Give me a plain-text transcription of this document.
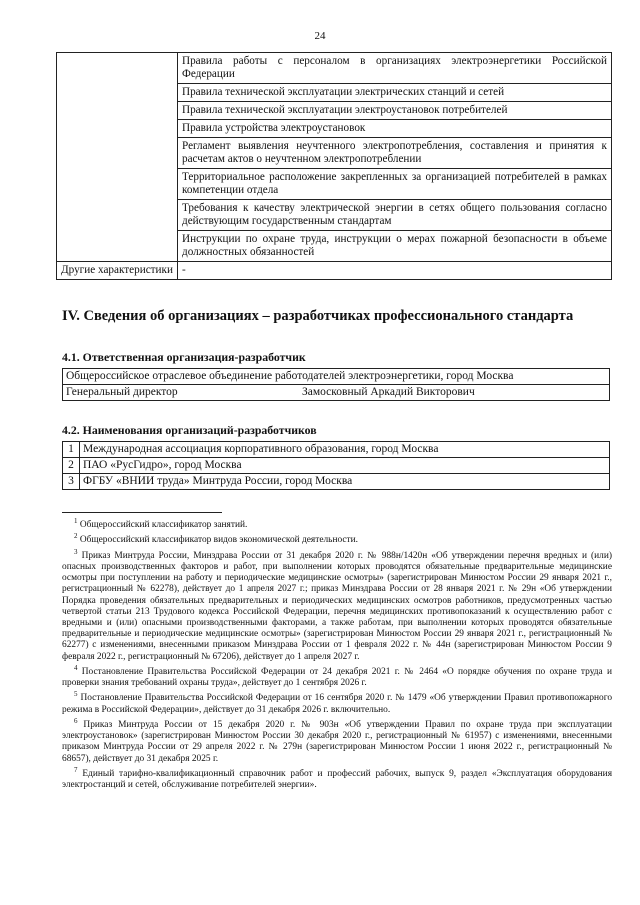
24
	Правила работы с персоналом в организациях электроэнергетики Российской Федерации
	Правила технической эксплуатации электрических станций и сетей
	Правила технической эксплуатации электроустановок потребителей
	Правила устройства электроустановок
	Регламент выявления неучтенного электропотребления, составления и принятия к расчетам актов о неучтенном электропотреблении
	Территориальное расположение закрепленных за организацией потребителей в рамках компетенции отдела
	Требования к качеству электрической энергии в сетях общего пользования согласно действующим государственным стандартам
	Инструкции по охране труда, инструкции о мерах пожарной безопасности в объеме должностных обязанностей
Другие характеристики	-
IV. Сведения об организациях – разработчиках профессионального стандарта
4.1. Ответственная организация-разработчик
Общероссийское отраслевое объединение работодателей электроэнергетики, город Москва
Генеральный директор	Замосковный Аркадий Викторович
4.2. Наименования организаций-разработчиков
1	Международная ассоциация корпоративного образования, город Москва
2	ПАО «РусГидро», город Москва
3	ФГБУ «ВНИИ труда» Минтруда России, город Москва

$^1$ Общероссийский классификатор занятий.

$^2$ Общероссийский классификатор видов экономической деятельности.

$^3$ Приказ Минтруда России, Минздрава России от 31 декабря 2020 г. № 988н/1420н «Об утверждении перечня вредных и (или) опасных производственных факторов и работ, при выполнении которых проводятся обязательные предварительные медицинские осмотры при поступлении на работу и периодические медицинские осмотры» (зарегистрирован Минюстом России 29 января 2021 г., регистрационный № 62278), действует до 1 апреля 2027 г.; приказ Минздрава России от 28 января 2021 г. № 29н «Об утверждении Порядка проведения обязательных предварительных и периодических медицинских осмотров работников, предусмотренных частью четвертой статьи 213 Трудового кодекса Российской Федерации, перечня медицинских противопоказаний к осуществлению работ с вредными и (или) опасными производственными факторами, а также работам, при выполнении которых проводятся обязательные предварительные и периодические медицинские осмотры» (зарегистрирован Минюстом России 29 января 2021 г., регистрационный № 62277) с изменениями, внесенными приказом Минздрава России от 1 февраля 2022 г. № 44н (зарегистрирован Минюстом России 9 февраля 2022 г., регистрационный № 67206), действует до 1 апреля 2027 г.

$^4$ Постановление Правительства Российской Федерации от 24 декабря 2021 г. № 2464 «О порядке обучения по охране труда и проверки знания требований охраны труда», действует до 1 сентября 2026 г.

$^5$ Постановление Правительства Российской Федерации от 16 сентября 2020 г. № 1479 «Об утверждении Правил противопожарного режима в Российской Федерации», действует до 31 декабря 2026 г. включительно.

$^6$ Приказ Минтруда России от 15 декабря 2020 г. № 903н «Об утверждении Правил по охране труда при эксплуатации электроустановок» (зарегистрирован Минюстом России 30 декабря 2020 г., регистрационный № 61957) с изменениями, внесенными приказом Минтруда России от 29 апреля 2022 г. № 279н (зарегистрирован Минюстом России 1 июня 2022 г., регистрационный № 68657), действует до 31 декабря 2025 г.

$^7$ Единый тарифно-квалификационный справочник работ и профессий рабочих, выпуск 9, раздел «Эксплуатация оборудования электростанций и сетей, обслуживание потребителей энергии».
